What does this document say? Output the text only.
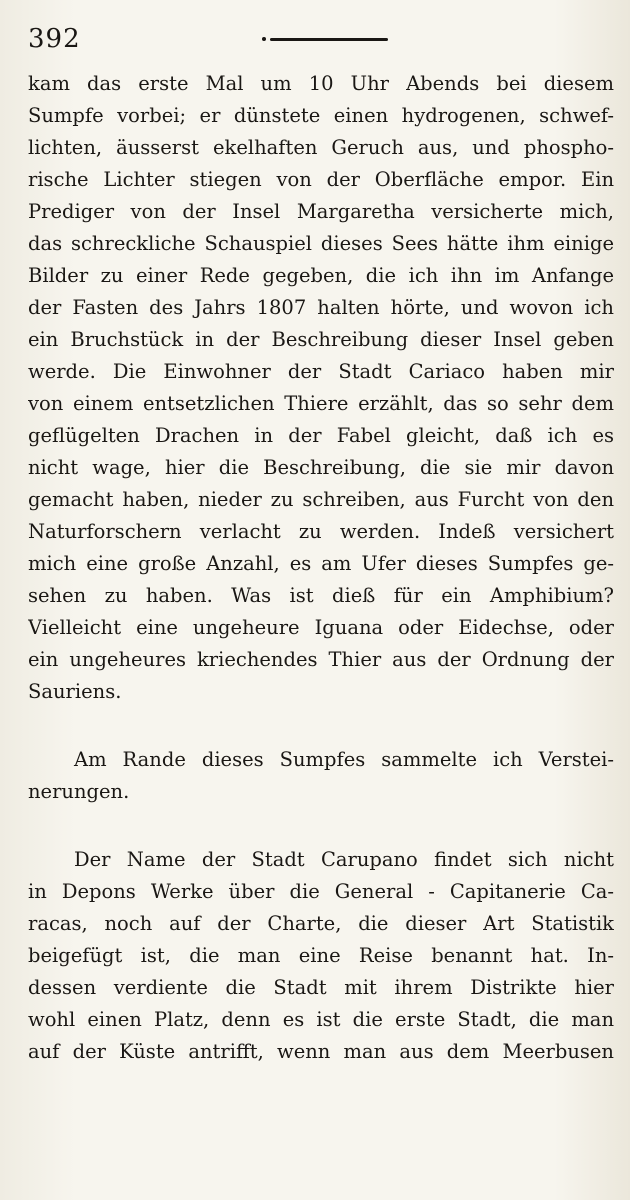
392
kam das erste Mal um 10 Uhr Abends bei diesem
Sumpfe vorbei; er dünstete einen hydrogenen, schwef-
lichten, äusserst ekelhaften Geruch aus, und phospho-
rische Lichter stiegen von der Oberfläche empor. Ein
Prediger von der Insel Margaretha versicherte mich,
das schreckliche Schauspiel dieses Sees hätte ihm einige
Bilder zu einer Rede gegeben, die ich ihn im Anfange
der Fasten des Jahrs 1807 halten hörte, und wovon ich
ein Bruchstück in der Beschreibung dieser Insel geben
werde. Die Einwohner der Stadt Cariaco haben mir
von einem entsetzlichen Thiere erzählt, das so sehr dem
geflügelten Drachen in der Fabel gleicht, daß ich es
nicht wage, hier die Beschreibung, die sie mir davon
gemacht haben, nieder zu schreiben, aus Furcht von den
Naturforschern verlacht zu werden. Indeß versichert
mich eine große Anzahl, es am Ufer dieses Sumpfes ge-
sehen zu haben. Was ist dieß für ein Amphibium?
Vielleicht eine ungeheure Iguana oder Eidechse, oder
ein ungeheures kriechendes Thier aus der Ordnung der
Sauriens.
Am Rande dieses Sumpfes sammelte ich Verstei-
nerungen.
Der Name der Stadt Carupano findet sich nicht
in Depons Werke über die General - Capitanerie Ca-
racas, noch auf der Charte, die dieser Art Statistik
beigefügt ist, die man eine Reise benannt hat. In-
dessen verdiente die Stadt mit ihrem Distrikte hier
wohl einen Platz, denn es ist die erste Stadt, die man
auf der Küste antrifft, wenn man aus dem Meerbusen
